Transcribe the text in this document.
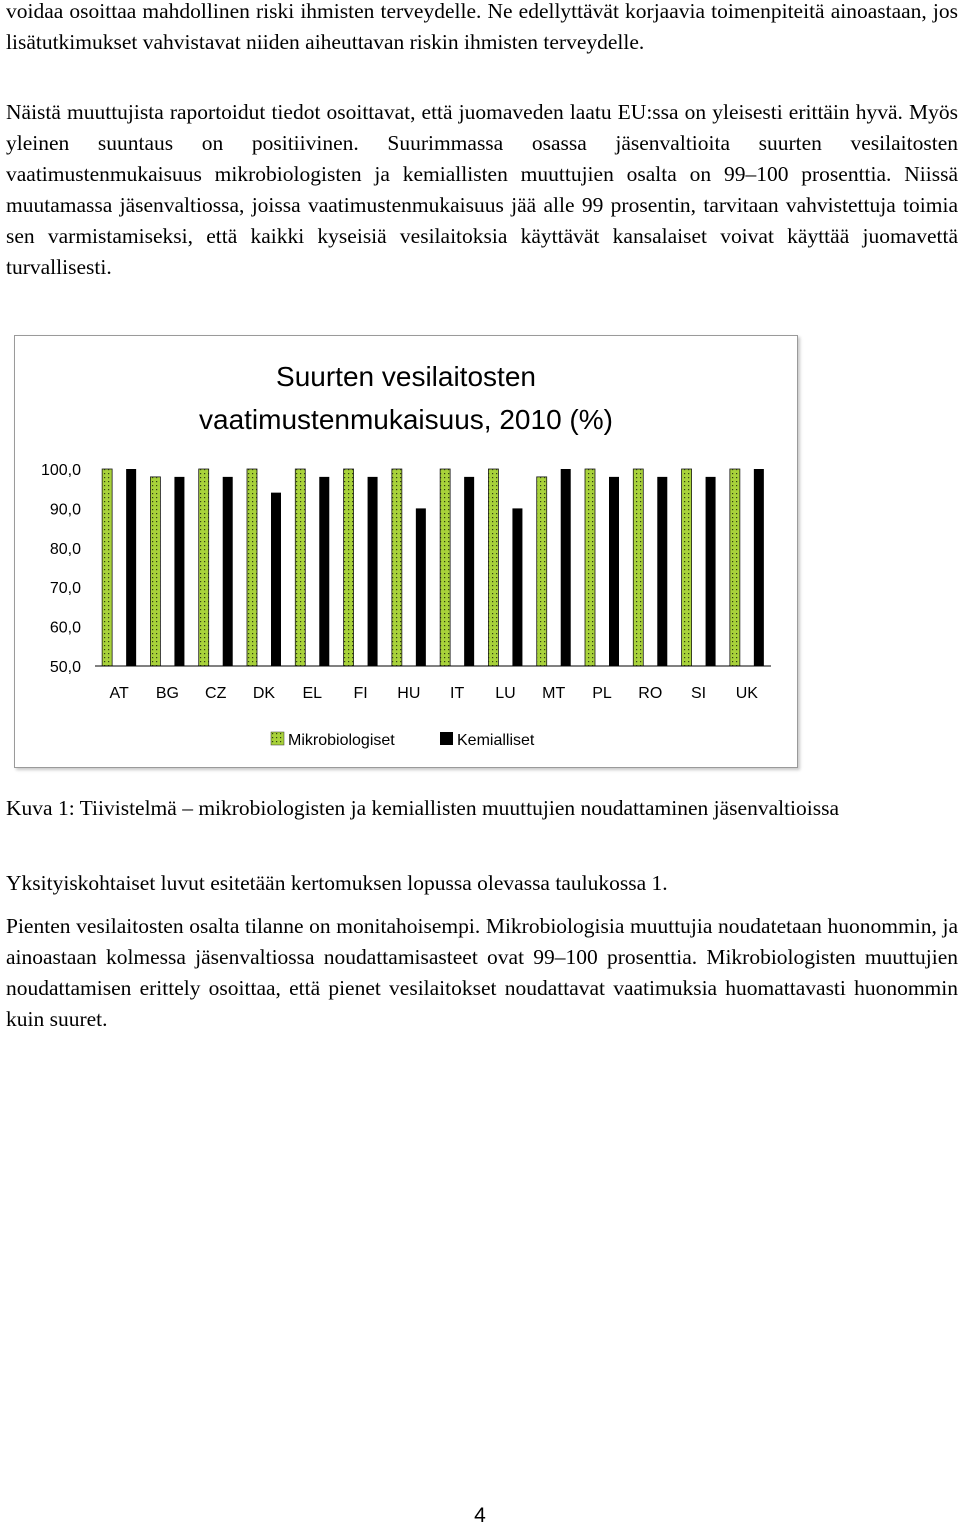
voidaa osoittaa mahdollinen riski ihmisten terveydelle. Ne edellyttävät korjaavia toimenpiteitä ainoastaan, jos lisätutkimukset vahvistavat niiden aiheuttavan riskin ihmisten terveydelle.

Näistä muuttujista raportoidut tiedot osoittavat, että juomaveden laatu EU:ssa on yleisesti erittäin hyvä. Myös yleinen suuntaus on positiivinen. Suurimmassa osassa jäsenvaltioita suurten vesilaitosten vaatimustenmukaisuus mikrobiologisten ja kemiallisten muuttujien osalta on 99–100 prosenttia. Niissä muutamassa jäsenvaltiossa, joissa vaatimustenmukaisuus jää alle 99 prosentin, tarvitaan vahvistettuja toimia sen varmistamiseksi, että kaikki kyseisiä vesilaitoksia käyttävät kansalaiset voivat käyttää juomavettä turvallisesti.

Suurten vesilaitosten
vaatimustenmukaisuus, 2010 (%)
100,0
90,0
80,0
70,0
60,0
50,0
AT BG CZ DK EL FI HU IT LU MT PL RO SI UK
Mikrobiologiset	Kemialliset

Kuva 1: Tiivistelmä – mikrobiologisten ja kemiallisten muuttujien noudattaminen jäsenvaltioissa

Yksityiskohtaiset luvut esitetään kertomuksen lopussa olevassa taulukossa 1.

Pienten vesilaitosten osalta tilanne on monitahoisempi. Mikrobiologisia muuttujia noudatetaan huonommin, ja ainoastaan kolmessa jäsenvaltiossa noudattamisasteet ovat 99–100 prosenttia. Mikrobiologisten muuttujien noudattamisen erittely osoittaa, että pienet vesilaitokset noudattavat vaatimuksia huomattavasti huonommin kuin suuret.

4
